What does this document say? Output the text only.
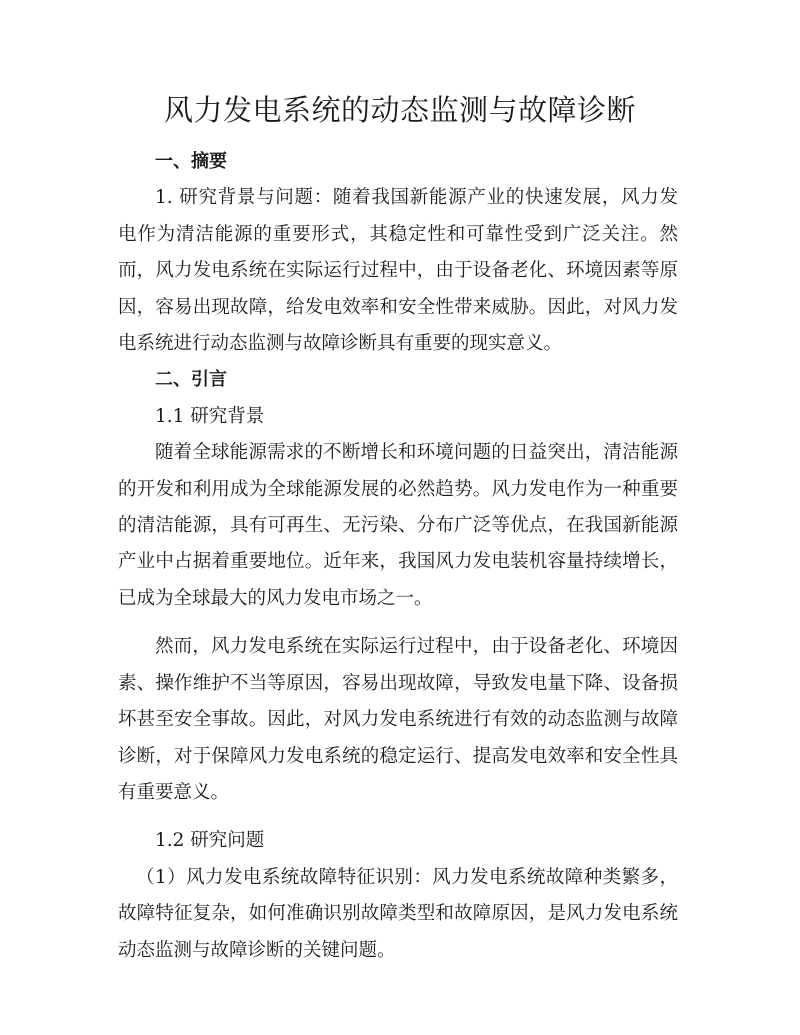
风力发电系统的动态监测与故障诊断

一、摘要

1. 研究背景与问题：随着我国新能源产业的快速发展，风力发电作为清洁能源的重要形式，其稳定性和可靠性受到广泛关注。然而，风力发电系统在实际运行过程中，由于设备老化、环境因素等原因，容易出现故障，给发电效率和安全性带来威胁。因此，对风力发电系统进行动态监测与故障诊断具有重要的现实意义。

二、引言

1.1 研究背景

随着全球能源需求的不断增长和环境问题的日益突出，清洁能源的开发和利用成为全球能源发展的必然趋势。风力发电作为一种重要的清洁能源，具有可再生、无污染、分布广泛等优点，在我国新能源产业中占据着重要地位。近年来，我国风力发电装机容量持续增长，已成为全球最大的风力发电市场之一。

然而，风力发电系统在实际运行过程中，由于设备老化、环境因素、操作维护不当等原因，容易出现故障，导致发电量下降、设备损坏甚至安全事故。因此，对风力发电系统进行有效的动态监测与故障诊断，对于保障风力发电系统的稳定运行、提高发电效率和安全性具有重要意义。

1.2 研究问题

（1）风力发电系统故障特征识别：风力发电系统故障种类繁多，故障特征复杂，如何准确识别故障类型和故障原因，是风力发电系统动态监测与故障诊断的关键问题。
